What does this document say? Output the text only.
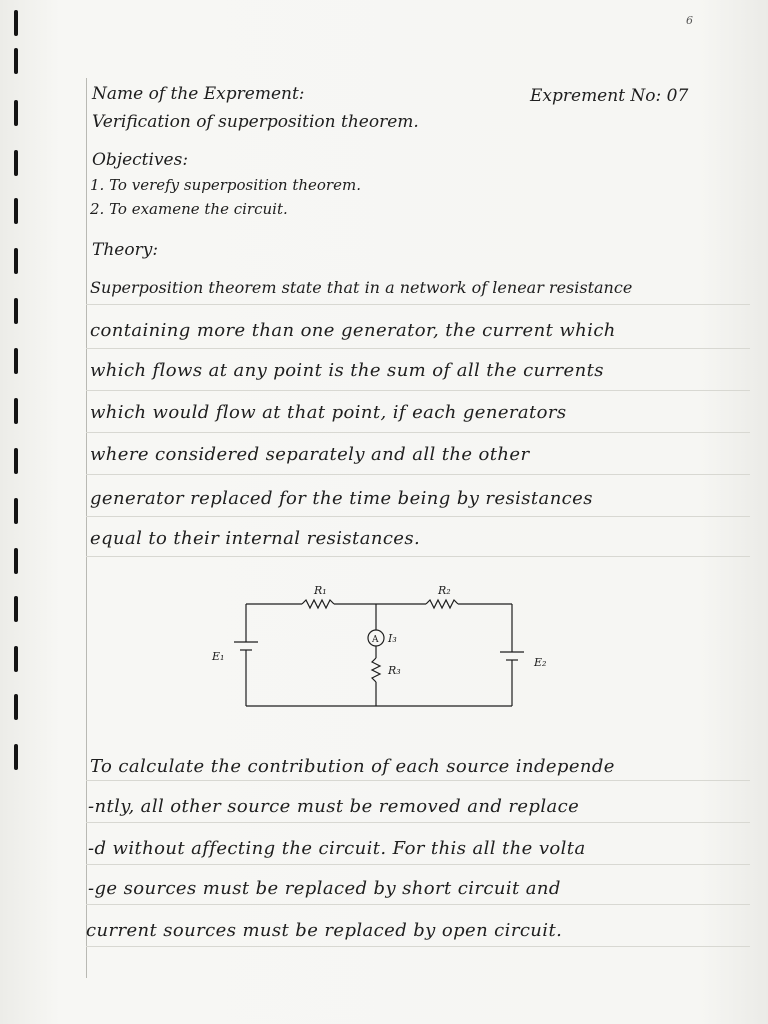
6
Name of the Exprement:	Exprement No: 07
Verification of superposition theorem.
Objectives:
1. To verefy superposition theorem.
2. To examene the circuit.
Theory:
Superposition theorem state that in a network of lenear resistance
containing more than one generator, the current which
which flows at any point is the sum of all the currents
which would flow at that point, if each generators
where considered separately and all the other
generator replaced for the time being by resistances
equal to their internal resistances.
R₁	R₂
R₃
E₁	E₂
A I₃
To calculate the contribution of each source independe
-ntly, all other source must be removed and replace
-d without affecting the circuit. For this all the volta
-ge sources must be replaced by short circuit and
current sources must be replaced by open circuit.
